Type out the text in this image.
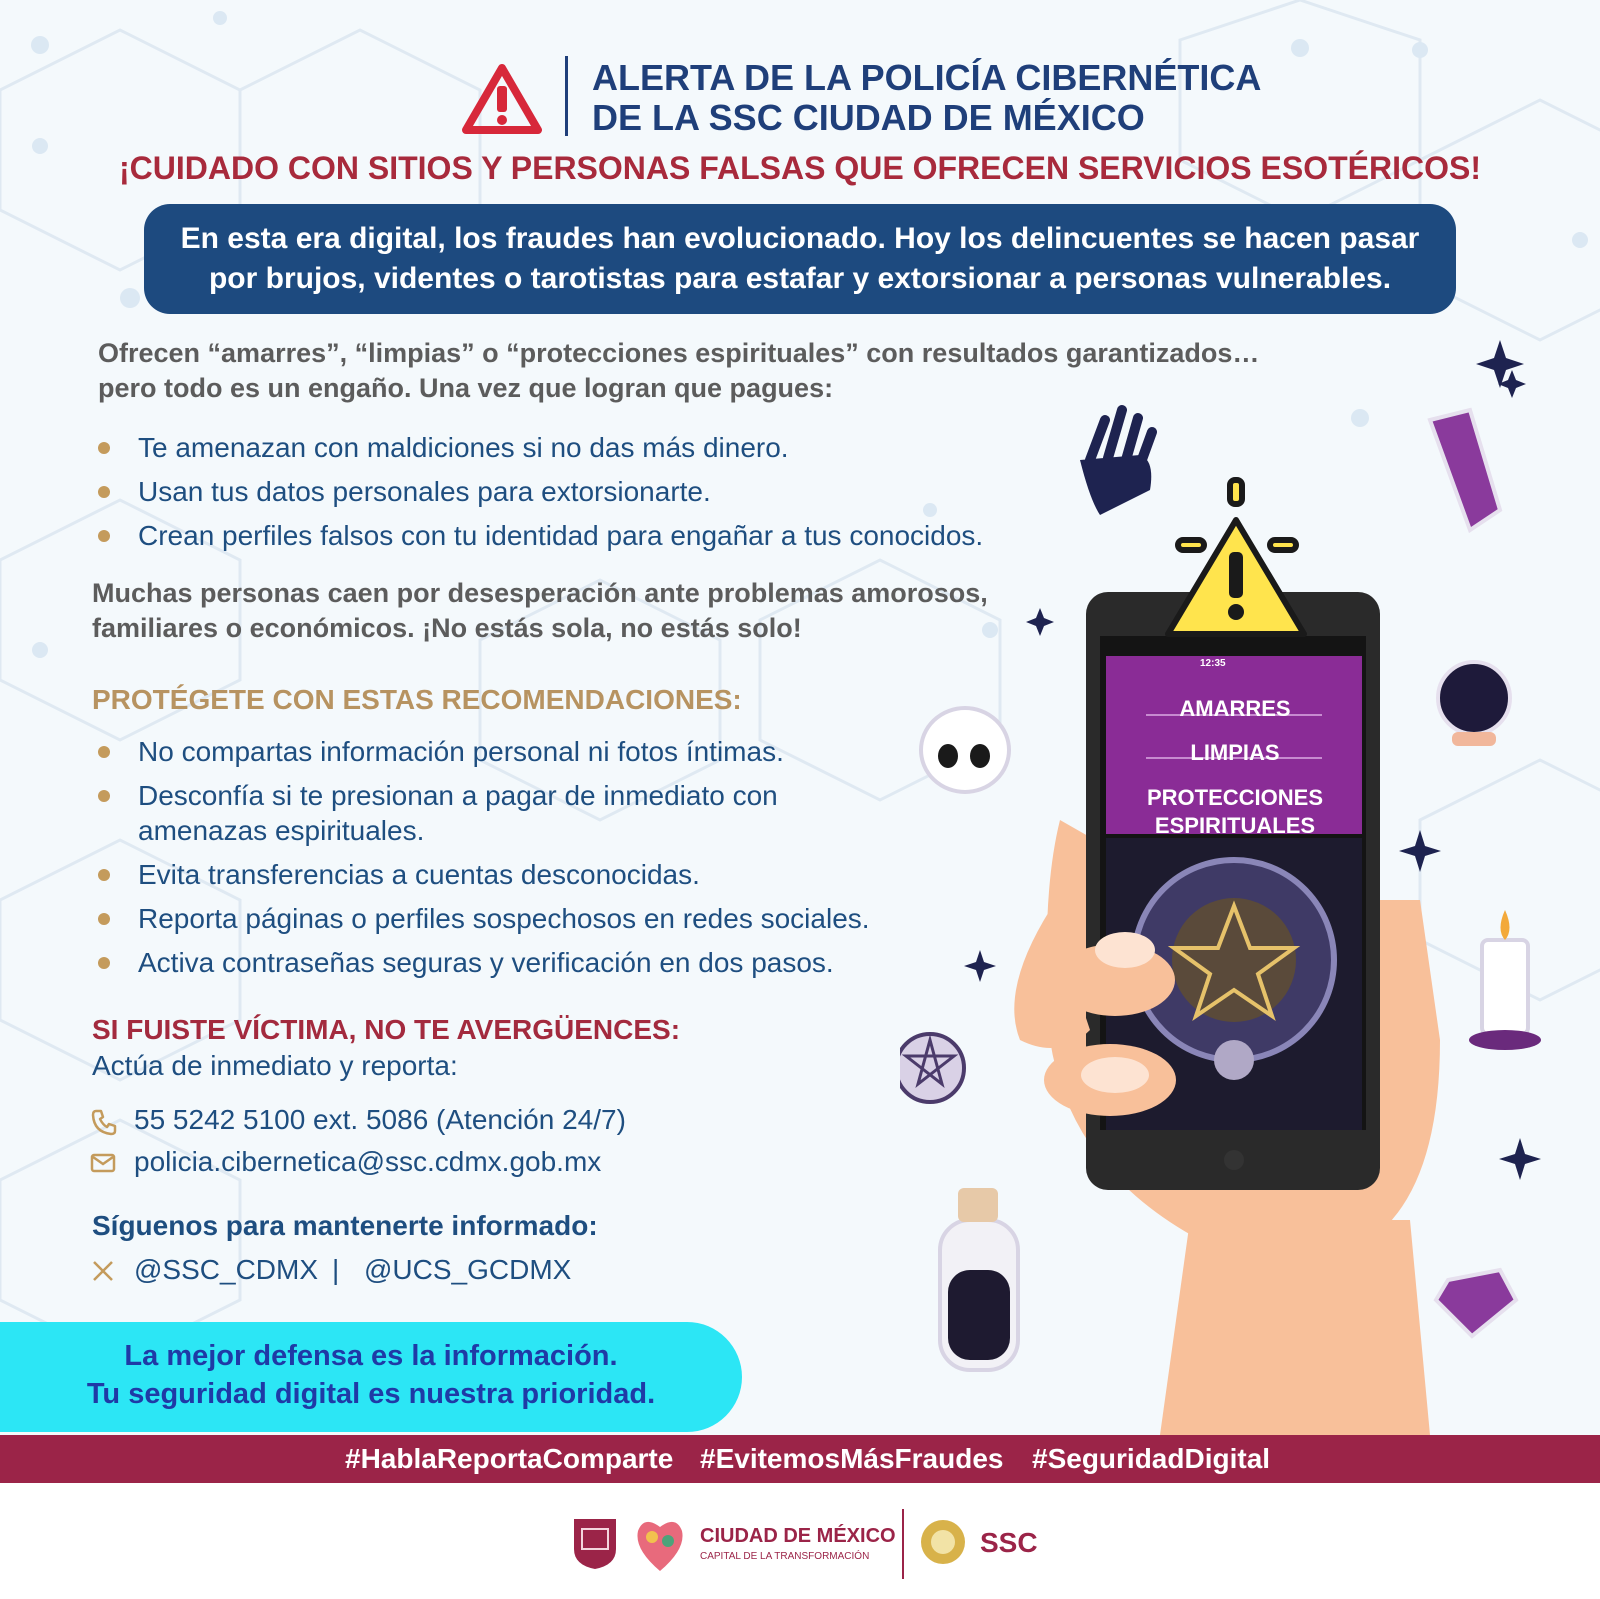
ALERTA DE LA POLICÍA CIBERNÉTICA
DE LA SSC CIUDAD DE MÉXICO
¡CUIDADO CON SITIOS Y PERSONAS FALSAS QUE OFRECEN SERVICIOS ESOTÉRICOS!
En esta era digital, los fraudes han evolucionado. Hoy los delincuentes se hacen pasar
por brujos, videntes o tarotistas para estafar y extorsionar a personas vulnerables.
Ofrecen “amarres”, “limpias” o “protecciones espirituales” con resultados garantizados…
pero todo es un engaño. Una vez que logran que pagues:
Te amenazan con maldiciones si no das más dinero.
Usan tus datos personales para extorsionarte.
Crean perfiles falsos con tu identidad para engañar a tus conocidos.
Muchas personas caen por desesperación ante problemas amorosos,
familiares o económicos. ¡No estás sola, no estás solo!
PROTÉGETE CON ESTAS RECOMENDACIONES:
No compartas información personal ni fotos íntimas.
Desconfía si te presionan a pagar de inmediato con amenazas espirituales.
Evita transferencias a cuentas desconocidas.
Reporta páginas o perfiles sospechosos en redes sociales.
Activa contraseñas seguras y verificación en dos pasos.
SI FUISTE VÍCTIMA, NO TE AVERGÜENCES:
Actúa de inmediato y reporta:
55 5242 5100 ext. 5086 (Atención 24/7)
policia.cibernetica@ssc.cdmx.gob.mx
Síguenos para mantenerte informado:
@SSC_CDMX | @UCS_GCDMX
La mejor defensa es la información.
Tu seguridad digital es nuestra prioridad.
12:35
AMARRES
LIMPIAS
PROTECCIONES
ESPIRITUALES
#HablaReportaComparte #EvitemosMásFraudes #SeguridadDigital
CIUDAD DE MÉXICO
CAPITAL DE LA TRANSFORMACIÓN	SSC
